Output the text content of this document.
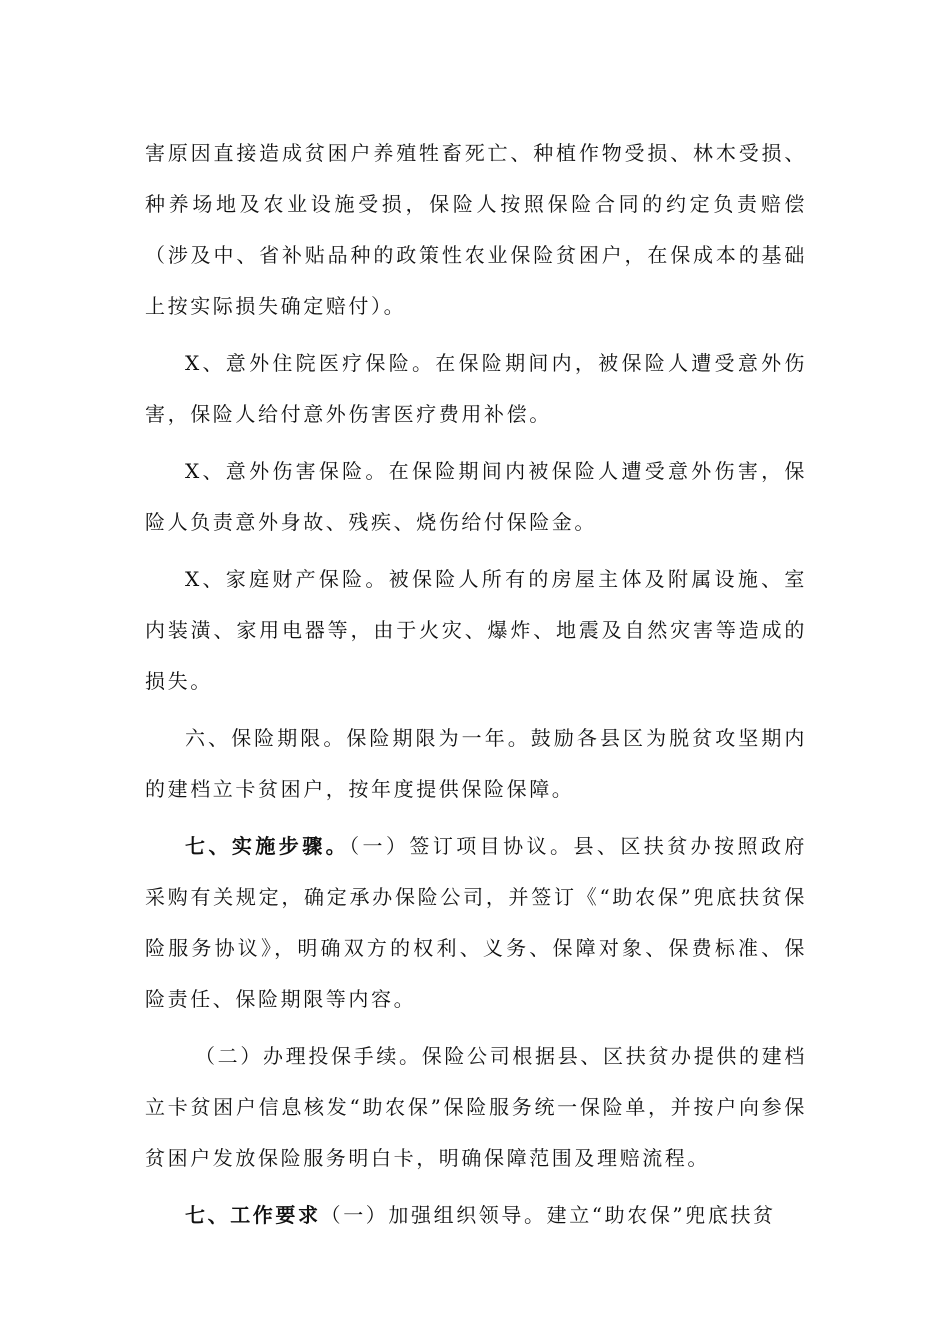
害原因直接造成贫困户养殖牲畜死亡、种植作物受损、林木受损、种养场地及农业设施受损，保险人按照保险合同的约定负责赔偿（涉及中、省补贴品种的政策性农业保险贫困户，在保成本的基础上按实际损失确定赔付）。

X、意外住院医疗保险。在保险期间内，被保险人遭受意外伤害，保险人给付意外伤害医疗费用补偿。

X、意外伤害保险。在保险期间内被保险人遭受意外伤害，保险人负责意外身故、残疾、烧伤给付保险金。

X、家庭财产保险。被保险人所有的房屋主体及附属设施、室内装潢、家用电器等，由于火灾、爆炸、地震及自然灾害等造成的损失。

六、保险期限。保险期限为一年。鼓励各县区为脱贫攻坚期内的建档立卡贫困户，按年度提供保险保障。

七、实施步骤。（一）签订项目协议。县、区扶贫办按照政府采购有关规定，确定承办保险公司，并签订《“助农保”兜底扶贫保险服务协议》，明确双方的权利、义务、保障对象、保费标准、保险责任、保险期限等内容。

（二）办理投保手续。保险公司根据县、区扶贫办提供的建档立卡贫困户信息核发“助农保”保险服务统一保险单，并按户向参保贫困户发放保险服务明白卡，明确保障范围及理赔流程。

七、工作要求（一）加强组织领导。建立“助农保”兜底扶贫
